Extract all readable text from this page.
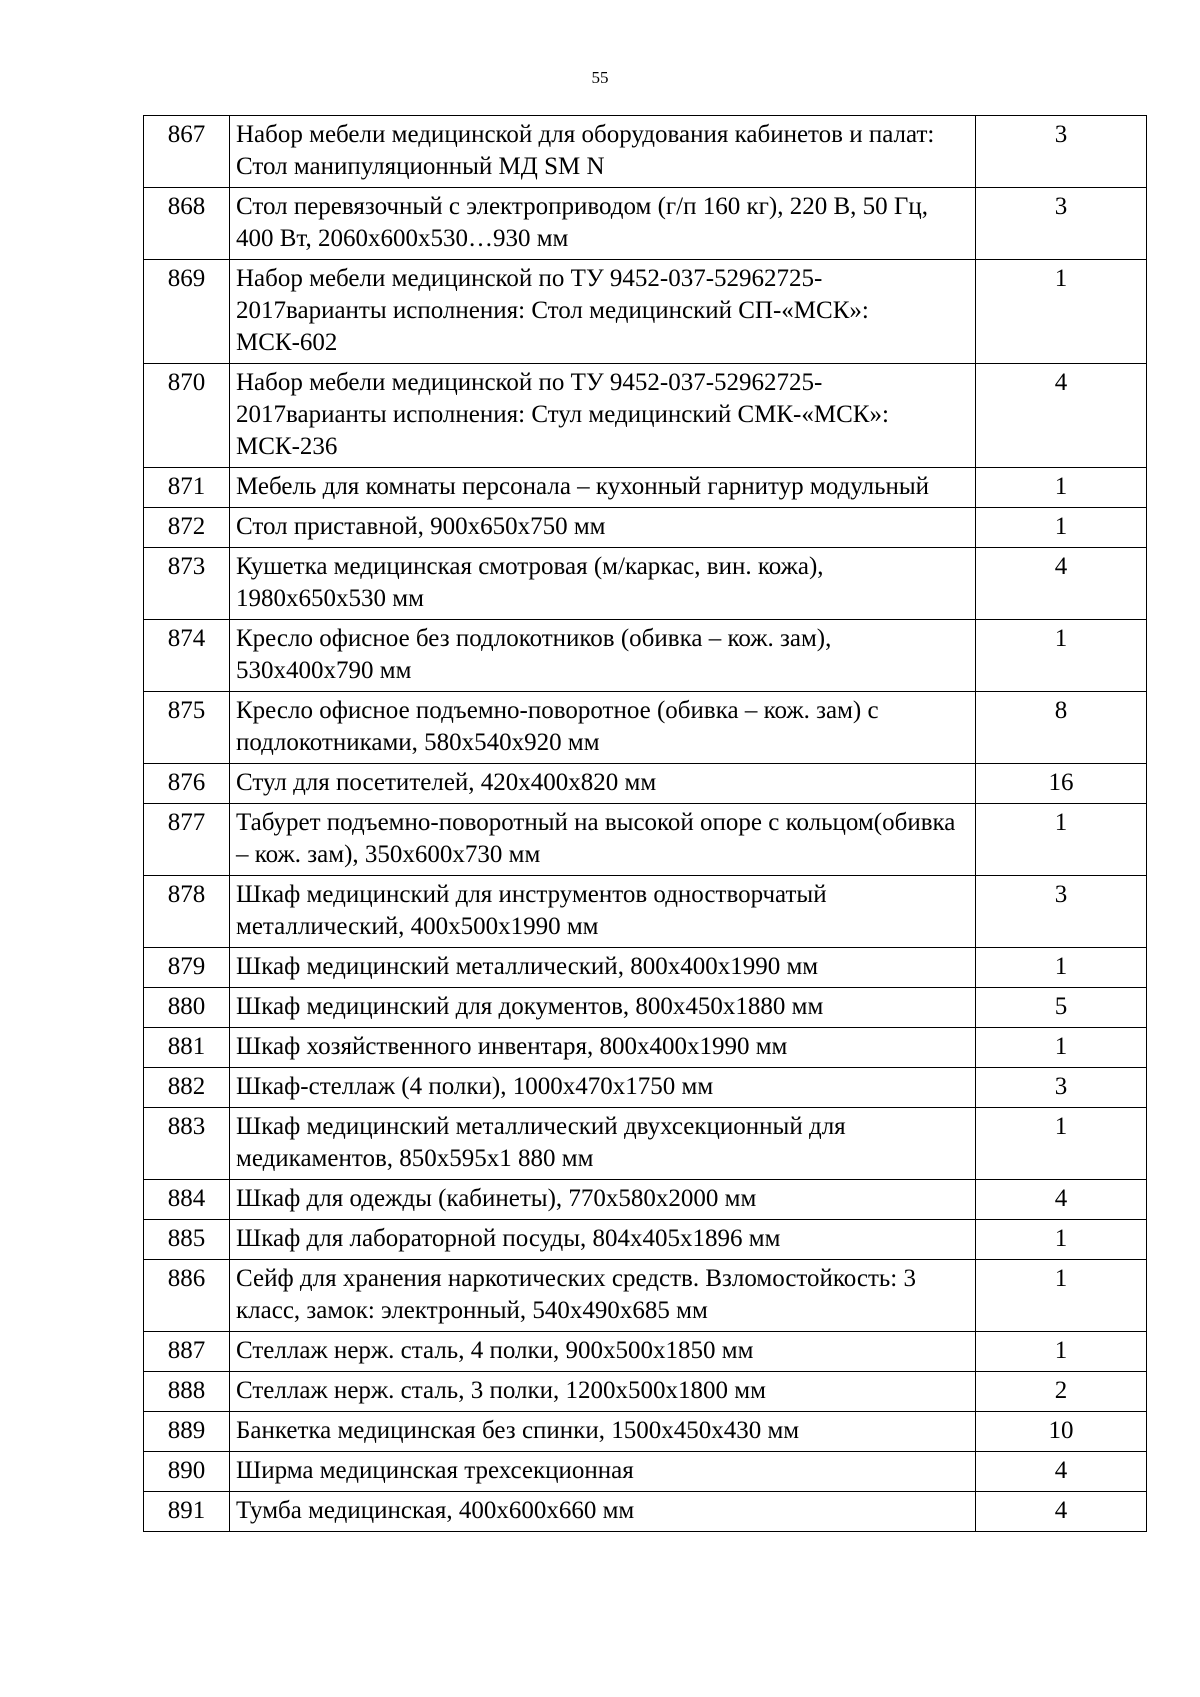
55
867	Набор мебели медицинской для оборудования кабинетов и палат: Стол манипуляционный МД SM N	3
868	Стол перевязочный с электроприводом (г/п 160 кг), 220 В, 50 Гц, 400 Вт, 2060х600х530…930 мм	3
869	Набор мебели медицинской по ТУ 9452-037-52962725-2017варианты исполнения: Стол медицинский СП-«МСК»: МСК-602	1
870	Набор мебели медицинской по ТУ 9452-037-52962725-2017варианты исполнения: Стул медицинский СМК-«МСК»: МСК-236	4
871	Мебель для комнаты персонала – кухонный гарнитур модульный	1
872	Стол приставной, 900х650х750 мм	1
873	Кушетка медицинская смотровая (м/каркас, вин. кожа), 1980х650х530 мм	4
874	Кресло офисное без подлокотников (обивка – кож. зам), 530х400х790 мм	1
875	Кресло офисное подъемно-поворотное (обивка – кож. зам) с подлокотниками, 580х540х920 мм	8
876	Стул для посетителей, 420х400х820 мм	16
877	Табурет подъемно-поворотный на высокой опоре с кольцом(обивка – кож. зам), 350х600х730 мм	1
878	Шкаф медицинский для инструментов одностворчатый металлический, 400х500х1990 мм	3
879	Шкаф медицинский металлический, 800х400х1990 мм	1
880	Шкаф медицинский для документов, 800х450х1880 мм	5
881	Шкаф хозяйственного инвентаря, 800х400х1990 мм	1
882	Шкаф-стеллаж (4 полки), 1000х470х1750 мм	3
883	Шкаф медицинский металлический двухсекционный для медикаментов, 850х595х1 880 мм	1
884	Шкаф для одежды (кабинеты), 770х580х2000 мм	4
885	Шкаф для лабораторной посуды, 804х405х1896 мм	1
886	Сейф для хранения наркотических средств. Взломостойкость: 3 класс, замок: электронный, 540х490х685 мм	1
887	Стеллаж нерж. сталь, 4 полки, 900х500х1850 мм	1
888	Стеллаж нерж. сталь, 3 полки, 1200х500х1800 мм	2
889	Банкетка медицинская без спинки, 1500х450х430 мм	10
890	Ширма медицинская трехсекционная	4
891	Тумба медицинская, 400х600х660 мм	4
